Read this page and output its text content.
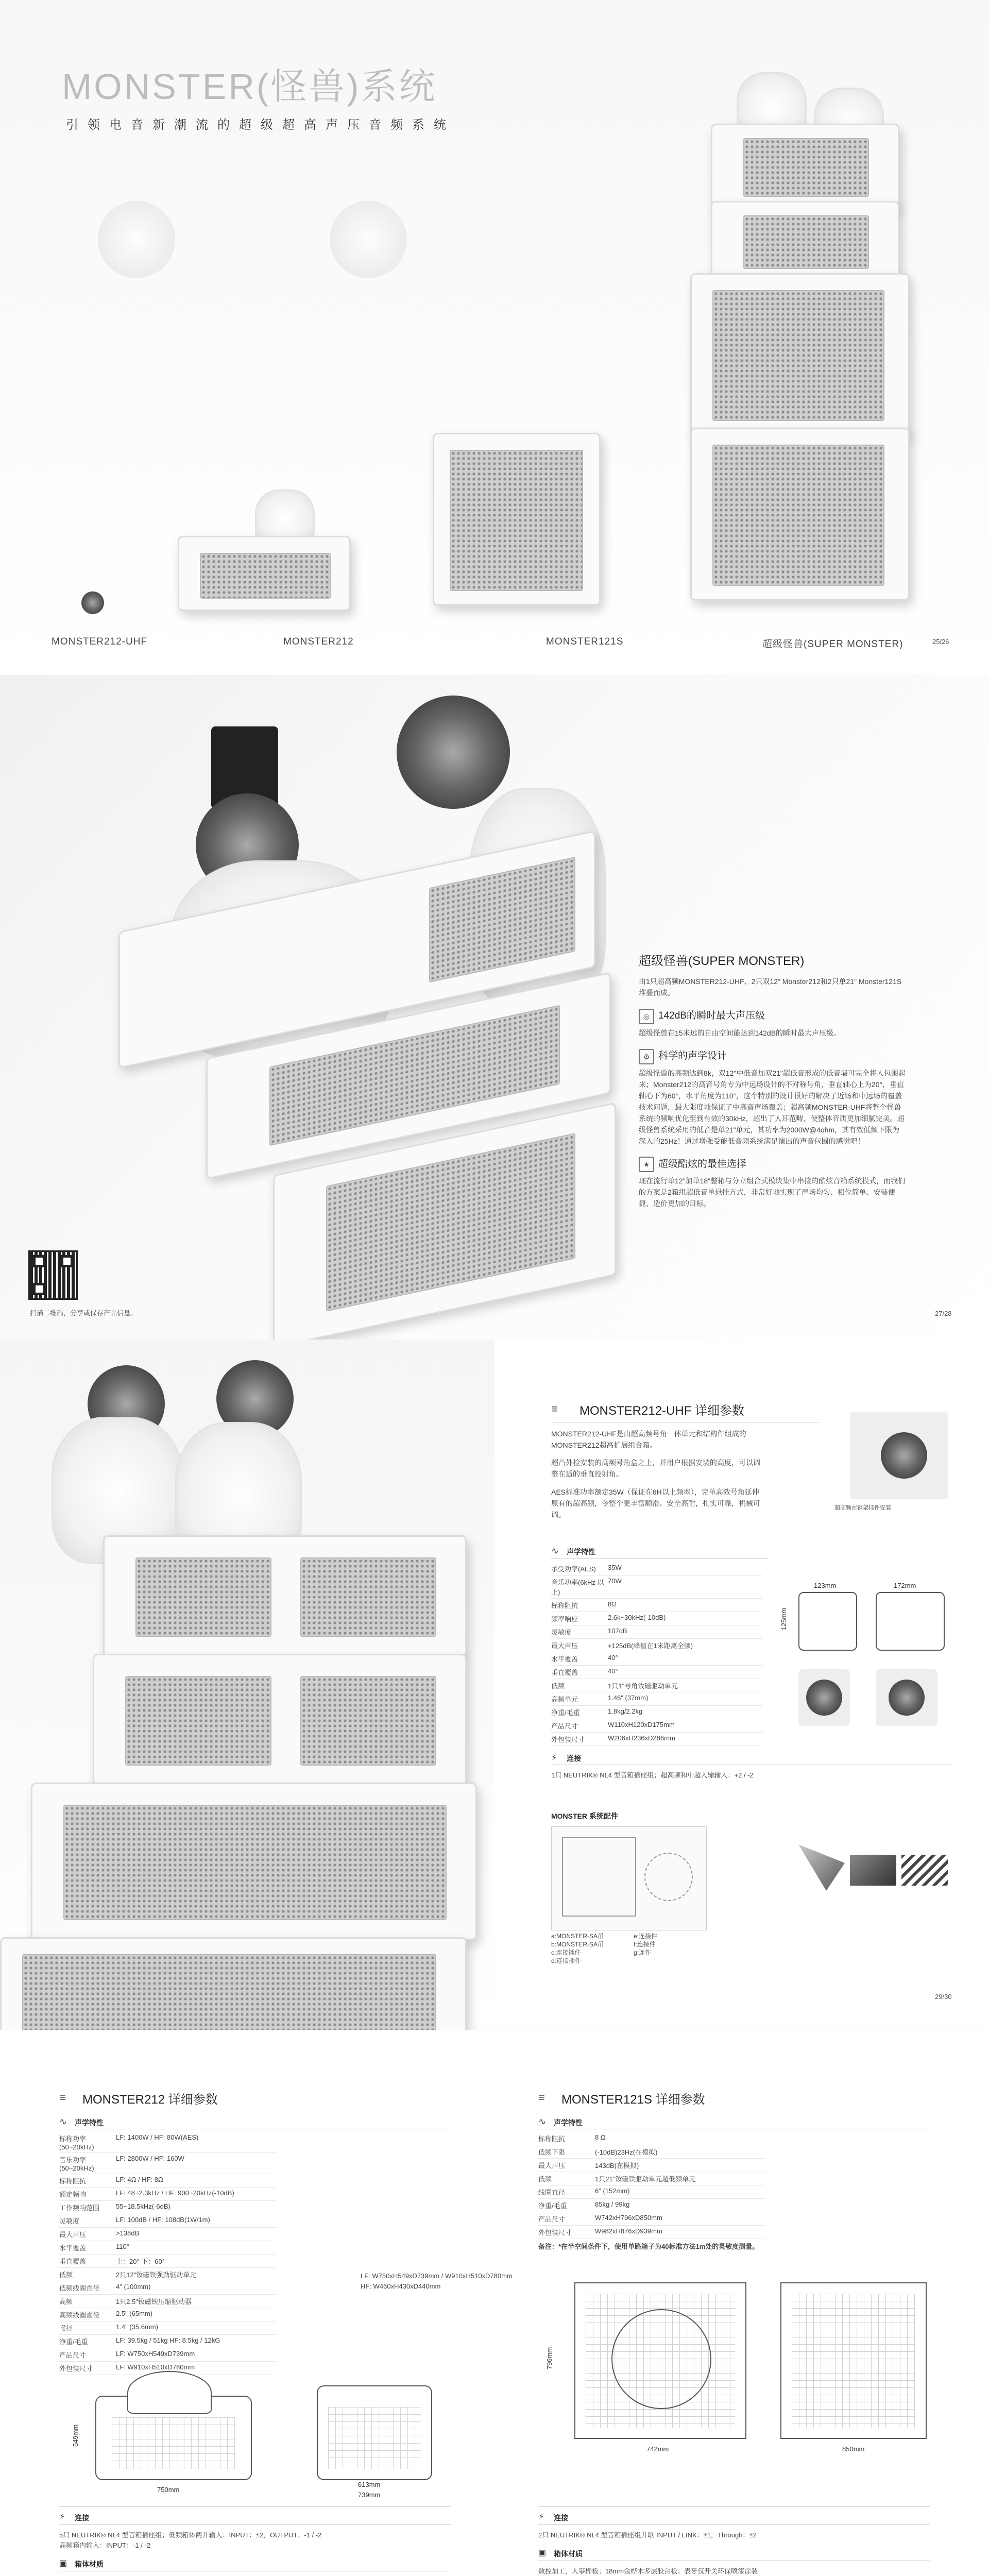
MONSTER(怪兽)系统
引领电音新潮流的超级超高声压音频系统
MONSTER212-UHF	MONSTER212	MONSTER121S	超级怪兽(SUPER MONSTER)	25/26
扫描二维码，分享或保存产品信息。
超级怪兽(SUPER MONSTER)
由1只超高频MONSTER212-UHF、2只双12" Monster212和2只单21" Monster121S堆叠而成。
◎ 142dB的瞬时最大声压级
超级怪兽在15米远的自由空间能达到142dB的瞬时最大声压级。
⚙ 科学的声学设计
超级怪兽的高频达到8k，双12"中低音加双21"超低音形成的低音墙可完全将人包围起来；Monster212的高音号角专为中远场设计的不对称号角，垂直轴心上为20°，垂直轴心下为60°，水平角度为110°，这个特别的设计很好的解决了近场和中远场的覆盖技术问题，最大限度地保证了中高音声场覆盖；超高频MONSTER-UHF将整个怪兽系统的频响优化至到有效的30kHz，超出了人耳范畴，使整体音质更加细腻完美。超级怪兽系统采用的低音是单21"单元，其功率为2000W@4ohm，其有效低频下限为深入的25Hz！通过增强受能低音频系统满足演出的声音包围的感觉吧！
★ 超级酷炫的最佳选择
现在流行单12"加单18"整箱与分立组合式模块集中串接的酷炫音箱系统模式，而我们的方案是2箱组超低音单悬挂方式，非常好地实现了声场均匀、相位简单、安装便捷、造价更加的目标。
27/28
≡ MONSTER212-UHF 详细参数
MONSTER212-UHF是由超高频号角一体单元和结构件组成的MONSTER212超高扩展组合箱。
超凸外检安装的高频号角盒之上，并用户根据安装的高度，可以调整在适的垂直投射角。
AES标准功率额定35W（保证在6H以上频率），完单高效号角延伸原有的超高频，令整个更丰富顺滑。安全高耐，扎实可靠，机械可调。
超高频在钢架挂件安装
∿ 声学特性
承受功率(AES)	35W
音乐功率(6kHz 以上)	70W
标称阻抗	8Ω
频率响应	2.6k~30kHz(-10dB)
灵敏度	107dB
最大声压	+125dB(峰值在1米距离全频)
水平覆盖	40°
垂直覆盖	40°
低频	1只1"号角钕磁驱动单元
高频单元	1.46" (37mm)
净重/毛重	1.8kg/2.2kg
产品尺寸	W110xH120xD175mm
外包装尺寸	W206xH236xD286mm
123mm	172mm
125mm
⚡ 连接
1只 NEUTRIK® NL4 型音箱插座组；超高频和中超入输输入：+2 / -2
MONSTER 系统配件
a:MONSTER-SA吊
b:MONSTER-SA吊
c:连接插件
d:连接插件
e:连接件
f:连接件
g:连件
29/30
≡ MONSTER212 详细参数
∿ 声学特性
标称功率(50~20kHz)	LF: 1400W / HF: 80W(AES)
音乐功率(50~20kHz)	LF: 2800W / HF: 160W
标称阻抗	LF: 4Ω / HF: 8Ω
额定频响	LF: 48~2.3kHz / HF: 900~20kHz(-10dB)
工作频响范围	55~18.5kHz(-6dB)
灵敏度	LF: 100dB / HF: 108dB(1W/1m)
最大声压	>138dB
水平覆盖	110°
垂直覆盖	上：20° 下：60°
低频	2只12"钕磁铁强劲驱动单元
低频线圈直径	4" (100mm)
高频	1只2.5"钕磁铁压缩驱动器
高频线圈直径	2.5" (65mm)
喉径	1.4" (35.6mm)
净重/毛重	LF: 39.5kg / 51kg HF: 8.5kg / 12kG
产品尺寸	LF: W750xH549xD739mm
外包装尺寸	LF: W910xH510xD780mm
LF: W750xH549xD739mm / W910xH510xD780mm
HF: W460xH430xD440mm
549mm
750mm
613mm
739mm
⚡ 连接
5只 NEUTRIK® NL4 型音箱插座组；低频箱体两并输入：INPUT：±2，OUTPUT：-1 / -2
高频箱内输入：INPUT：-1 / -2
▣ 箱体材质
≡ MONSTER121S 详细参数
∿ 声学特性
标称阻抗	8 Ω
低频下限	(-10dB)23Hz(在模拟)
最大声压	143dB(在模拟)
低频	1只21"钕磁铁驱动单元超低频单元
线圈直径	6" (152mm)
净重/毛重	85kg / 99kg
产品尺寸	W742xH796xD850mm
外包装尺寸	W982xH876xD939mm
备注：*在半空间条件下，使用单路箱子为40标准方法1m处的灵敏度测量。
796mm
742mm	850mm
⚡ 连接
2只 NEUTRIK® NL4 型音箱插座组并联 INPUT / LINK：±1，Through：±2
▣ 箱体材质
数控加工，人事桦板；18mm金桦木多层胶合板；表牙仅开关环保喷漆涂装
